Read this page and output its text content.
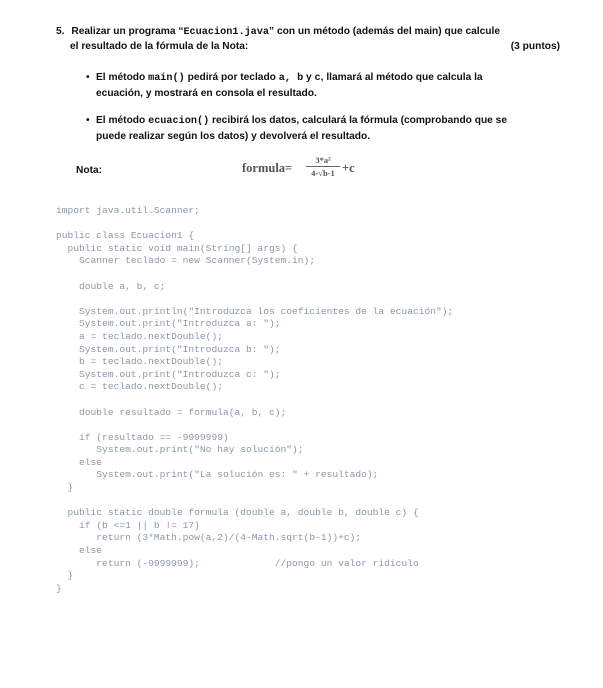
5. Realizar un programa “Ecuacion1.java” con un método (además del main) que calcule
el resultado de la fórmula de la Nota:	(3 puntos)
• El método main() pedirá por teclado a, b y c, llamará al método que calcula la
ecuación, y mostrará en consola el resultado.
• El método ecuacion() recibirá los datos, calculará la fórmula (comprobando que se
puede realizar según los datos) y devolverá el resultado.
Nota:	formula=
3*a²
4-√b-1 +c
import java.util.Scanner;

public class Ecuacion1 {
public static void main(String[] args) {
Scanner teclado = new Scanner(System.in);

double a, b, c;

System.out.println("Introduzca los coeficientes de la ecuación");
System.out.print("Introduzca a: ");
a = teclado.nextDouble();
System.out.print("Introduzca b: ");
b = teclado.nextDouble();
System.out.print("Introduzca c: ");
c = teclado.nextDouble();

double resultado = formula(a, b, c);

if (resultado == -9999999)
System.out.print("No hay solución");
else
System.out.print("La solución es: " + resultado);
}

public static double formula (double a, double b, double c) {
if (b <=1 || b != 17)
return (3*Math.pow(a,2)/(4-Math.sqrt(b-1))+c);
else
return (-9999999);             //pongo un valor ridiculo
}
}
